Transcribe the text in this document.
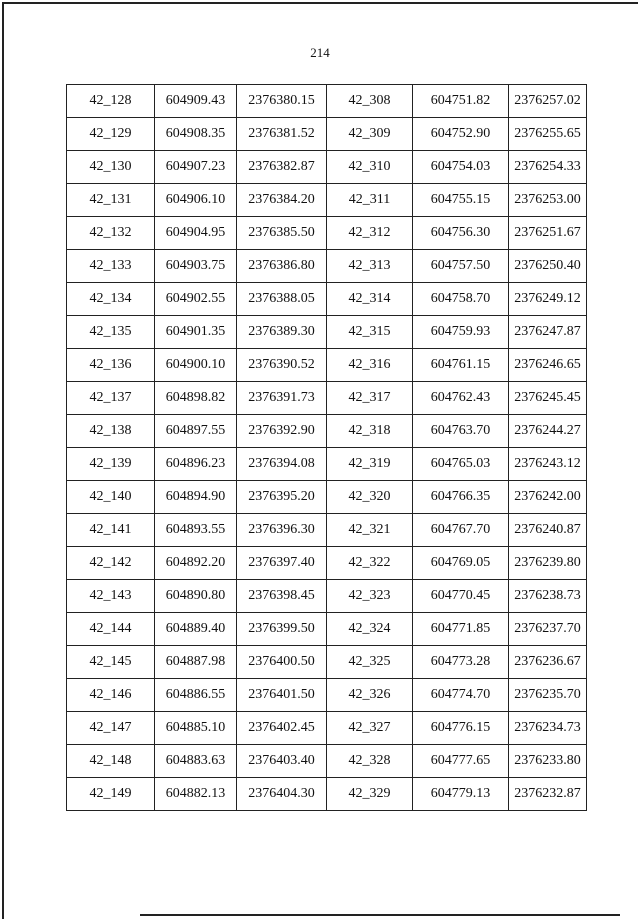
214
42_128	604909.43	2376380.15	42_308	604751.82	2376257.02
42_129	604908.35	2376381.52	42_309	604752.90	2376255.65
42_130	604907.23	2376382.87	42_310	604754.03	2376254.33
42_131	604906.10	2376384.20	42_311	604755.15	2376253.00
42_132	604904.95	2376385.50	42_312	604756.30	2376251.67
42_133	604903.75	2376386.80	42_313	604757.50	2376250.40
42_134	604902.55	2376388.05	42_314	604758.70	2376249.12
42_135	604901.35	2376389.30	42_315	604759.93	2376247.87
42_136	604900.10	2376390.52	42_316	604761.15	2376246.65
42_137	604898.82	2376391.73	42_317	604762.43	2376245.45
42_138	604897.55	2376392.90	42_318	604763.70	2376244.27
42_139	604896.23	2376394.08	42_319	604765.03	2376243.12
42_140	604894.90	2376395.20	42_320	604766.35	2376242.00
42_141	604893.55	2376396.30	42_321	604767.70	2376240.87
42_142	604892.20	2376397.40	42_322	604769.05	2376239.80
42_143	604890.80	2376398.45	42_323	604770.45	2376238.73
42_144	604889.40	2376399.50	42_324	604771.85	2376237.70
42_145	604887.98	2376400.50	42_325	604773.28	2376236.67
42_146	604886.55	2376401.50	42_326	604774.70	2376235.70
42_147	604885.10	2376402.45	42_327	604776.15	2376234.73
42_148	604883.63	2376403.40	42_328	604777.65	2376233.80
42_149	604882.13	2376404.30	42_329	604779.13	2376232.87
